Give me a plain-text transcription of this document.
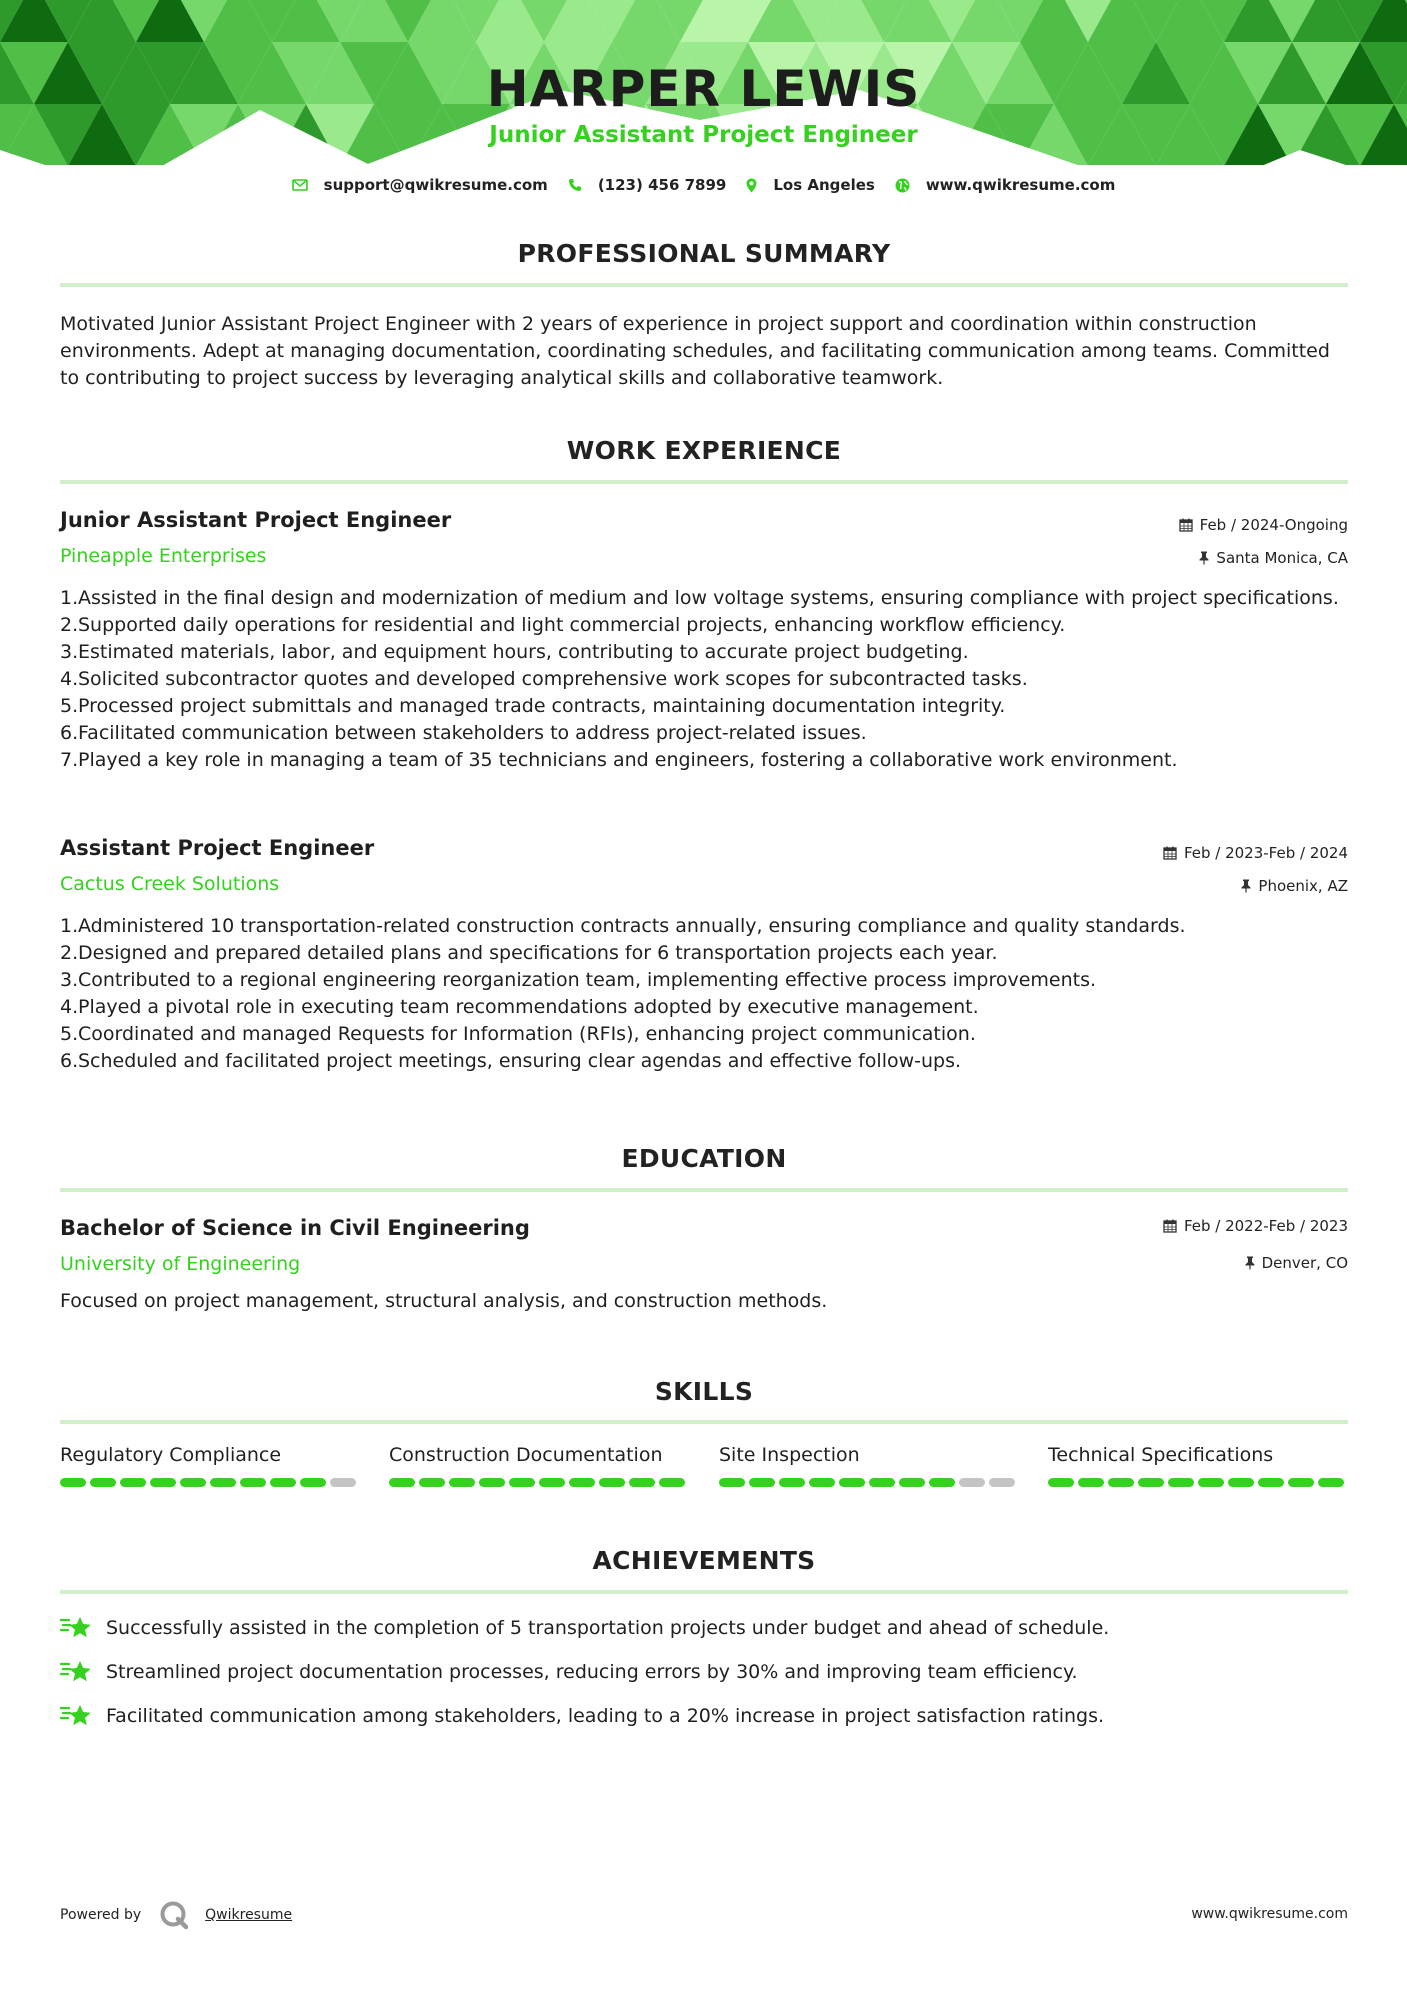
HARPER LEWIS
Junior Assistant Project Engineer
support@qwikresume.com	(123) 456 7899	Los Angeles	www.qwikresume.com
PROFESSIONAL SUMMARY
Motivated Junior Assistant Project Engineer with 2 years of experience in project support and coordination within construction environments. Adept at managing documentation, coordinating schedules, and facilitating communication among teams. Committed to contributing to project success by leveraging analytical skills and collaborative teamwork.
WORK EXPERIENCE
Junior Assistant Project Engineer	Feb / 2024-Ongoing
Pineapple Enterprises	Santa Monica, CA
1. Assisted in the final design and modernization of medium and low voltage systems, ensuring compliance with project specifications.
2. Supported daily operations for residential and light commercial projects, enhancing workflow efficiency.
3. Estimated materials, labor, and equipment hours, contributing to accurate project budgeting.
4. Solicited subcontractor quotes and developed comprehensive work scopes for subcontracted tasks.
5. Processed project submittals and managed trade contracts, maintaining documentation integrity.
6. Facilitated communication between stakeholders to address project-related issues.
7. Played a key role in managing a team of 35 technicians and engineers, fostering a collaborative work environment.
Assistant Project Engineer	Feb / 2023-Feb / 2024
Cactus Creek Solutions	Phoenix, AZ
1. Administered 10 transportation-related construction contracts annually, ensuring compliance and quality standards.
2. Designed and prepared detailed plans and specifications for 6 transportation projects each year.
3. Contributed to a regional engineering reorganization team, implementing effective process improvements.
4. Played a pivotal role in executing team recommendations adopted by executive management.
5. Coordinated and managed Requests for Information (RFIs), enhancing project communication.
6. Scheduled and facilitated project meetings, ensuring clear agendas and effective follow-ups.
EDUCATION
Bachelor of Science in Civil Engineering	Feb / 2022-Feb / 2023
University of Engineering	Denver, CO
Focused on project management, structural analysis, and construction methods.
SKILLS
Regulatory Compliance	Construction Documentation	Site Inspection	Technical Specifications
ACHIEVEMENTS
Successfully assisted in the completion of 5 transportation projects under budget and ahead of schedule.
Streamlined project documentation processes, reducing errors by 30% and improving team efficiency.
Facilitated communication among stakeholders, leading to a 20% increase in project satisfaction ratings.
Powered by	Qwikresume	www.qwikresume.com
